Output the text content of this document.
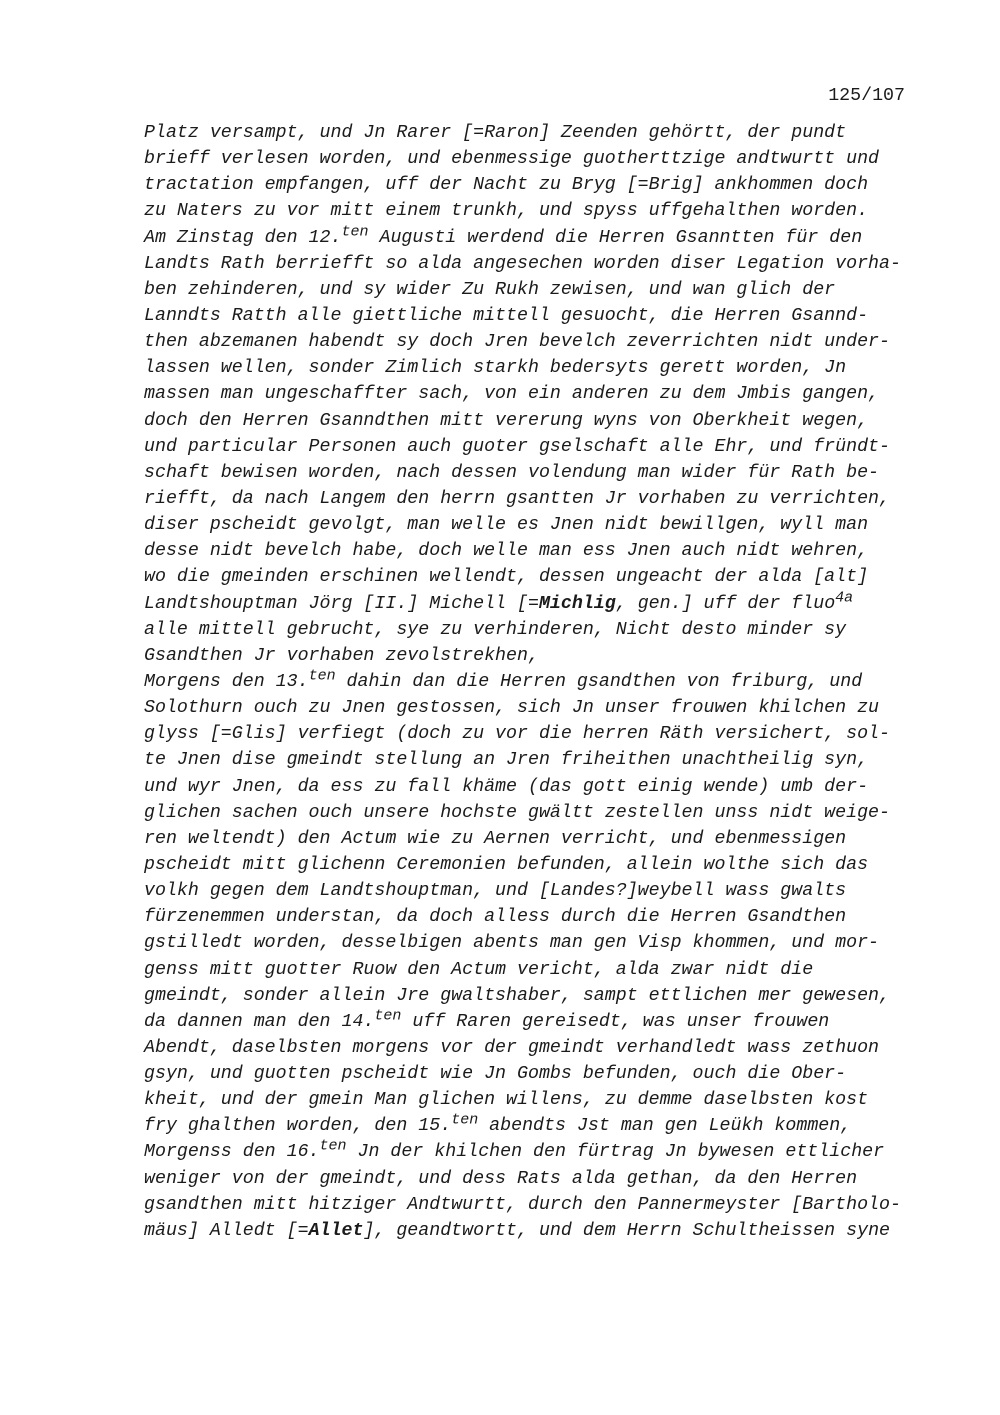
125/107
Platz versampt, und Jn Rarer [=Raron] Zeenden gehörtt, der pundt
brieff verlesen worden, und ebenmessige guotherttzige andtwurtt und
tractation empfangen, uff der Nacht zu Bryg [=Brig] ankhommen doch
zu Naters zu vor mitt einem trunkh, und spyss uffgehalthen worden.
Am Zinstag den 12.$^{ten}$ Augusti werdend die Herren Gsanntten für den
Landts Rath berriefft so alda angesechen worden diser Legation vorha-
ben zehinderen, und sy wider Zu Rukh zewisen, und wan glich der
Lanndts Ratth alle giettliche mittell gesuocht, die Herren Gsannd-
then abzemanen habendt sy doch Jren bevelch zeverrichten nidt under-
lassen wellen, sonder Zimlich starkh bedersyts gerett worden, Jn
massen man ungeschaffter sach, von ein anderen zu dem Jmbis gangen,
doch den Herren Gsanndthen mitt vererung wyns von Oberkheit wegen,
und particular Personen auch guoter gselschaft alle Ehr, und fründt-
schaft bewisen worden, nach dessen volendung man wider für Rath be-
riefft, da nach Langem den herrn gsantten Jr vorhaben zu verrichten,
diser pscheidt gevolgt, man welle es Jnen nidt bewillgen, wyll man
desse nidt bevelch habe, doch welle man ess Jnen auch nidt wehren,
wo die gmeinden erschinen wellendt, dessen ungeacht der alda [alt]
Landtshouptman Jörg [II.] Michell [=Michlig, gen.] uff der fluo$^{4a}$
alle mittell gebrucht, sye zu verhinderen, Nicht desto minder sy
Gsandthen Jr vorhaben zevolstrekhen,
Morgens den 13.$^{ten}$ dahin dan die Herren gsandthen von friburg, und
Solothurn ouch zu Jnen gestossen, sich Jn unser frouwen khilchen zu
glyss [=Glis] verfiegt (doch zu vor die herren Räth versichert, sol-
te Jnen dise gmeindt stellung an Jren friheithen unachtheilig syn,
und wyr Jnen, da ess zu fall khäme (das gott einig wende) umb der-
glichen sachen ouch unsere hochste gwältt zestellen unss nidt weige-
ren weltendt) den Actum wie zu Aernen verricht, und ebenmessigen
pscheidt mitt glichenn Ceremonien befunden, allein wolthe sich das
volkh gegen dem Landtshouptman, und [Landes?]weybell wass gwalts
fürzenemmen understan, da doch alless durch die Herren Gsandthen
gstilledt worden, desselbigen abents man gen Visp khommen, und mor-
genss mitt guotter Ruow den Actum vericht, alda zwar nidt die
gmeindt, sonder allein Jre gwaltshaber, sampt ettlichen mer gewesen,
da dannen man den 14.$^{ten}$ uff Raren gereisedt, was unser frouwen
Abendt, daselbsten morgens vor der gmeindt verhandledt wass zethuon
gsyn, und guotten pscheidt wie Jn Gombs befunden, ouch die Ober-
kheit, und der gmein Man glichen willens, zu demme daselbsten kost
fry ghalthen worden, den 15.$^{ten}$ abendts Jst man gen Leükh kommen,
Morgenss den 16.$^{ten}$ Jn der khilchen den fürtrag Jn bywesen ettlicher
weniger von der gmeindt, und dess Rats alda gethan, da den Herren
gsandthen mitt hitziger Andtwurtt, durch den Pannermeyster [Bartholo-
mäus] Alledt [=Allet], geandtwortt, und dem Herrn Schultheissen syne
